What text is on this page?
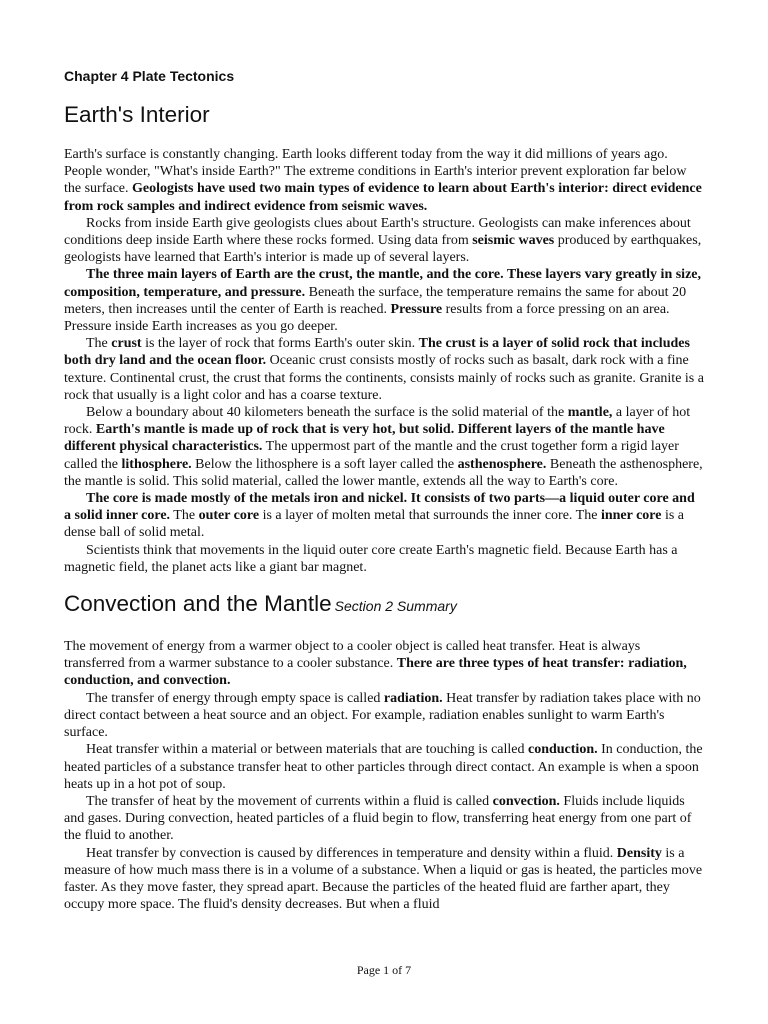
Chapter 4 Plate Tectonics
Earth's Interior

Earth's surface is constantly changing. Earth looks different today from the way it did millions of years ago. People wonder, "What's inside Earth?" The extreme conditions in Earth's interior prevent exploration far below the surface. Geologists have used two main types of evidence to learn about Earth's interior: direct evidence from rock samples and indirect evidence from seismic waves.

Rocks from inside Earth give geologists clues about Earth's structure. Geologists can make inferences about conditions deep inside Earth where these rocks formed. Using data from seismic waves produced by earthquakes, geologists have learned that Earth's interior is made up of several layers.

The three main layers of Earth are the crust, the mantle, and the core. These layers vary greatly in size, composition, temperature, and pressure. Beneath the surface, the temperature remains the same for about 20 meters, then increases until the center of Earth is reached. Pressure results from a force pressing on an area. Pressure inside Earth increases as you go deeper.

The crust is the layer of rock that forms Earth's outer skin. The crust is a layer of solid rock that includes both dry land and the ocean floor. Oceanic crust consists mostly of rocks such as basalt, dark rock with a fine texture. Continental crust, the crust that forms the continents, consists mainly of rocks such as granite. Granite is a rock that usually is a light color and has a coarse texture.

Below a boundary about 40 kilometers beneath the surface is the solid material of the mantle, a layer of hot rock. Earth's mantle is made up of rock that is very hot, but solid. Different layers of the mantle have different physical characteristics. The uppermost part of the mantle and the crust together form a rigid layer called the lithosphere. Below the lithosphere is a soft layer called the asthenosphere. Beneath the asthenosphere, the mantle is solid. This solid material, called the lower mantle, extends all the way to Earth's core.

The core is made mostly of the metals iron and nickel. It consists of two parts—a liquid outer core and a solid inner core. The outer core is a layer of molten metal that surrounds the inner core. The inner core is a dense ball of solid metal.

Scientists think that movements in the liquid outer core create Earth's magnetic field. Because Earth has a magnetic field, the planet acts like a giant bar magnet.

Convection and the Mantle Section 2 Summary

The movement of energy from a warmer object to a cooler object is called heat transfer. Heat is always transferred from a warmer substance to a cooler substance. There are three types of heat transfer: radiation, conduction, and convection.

The transfer of energy through empty space is called radiation. Heat transfer by radiation takes place with no direct contact between a heat source and an object. For example, radiation enables sunlight to warm Earth's surface.

Heat transfer within a material or between materials that are touching is called conduction. In conduction, the heated particles of a substance transfer heat to other particles through direct contact. An example is when a spoon heats up in a hot pot of soup.

The transfer of heat by the movement of currents within a fluid is called convection. Fluids include liquids and gases. During convection, heated particles of a fluid begin to flow, transferring heat energy from one part of the fluid to another.

Heat transfer by convection is caused by differences in temperature and density within a fluid. Density is a measure of how much mass there is in a volume of a substance. When a liquid or gas is heated, the particles move faster. As they move faster, they spread apart. Because the particles of the heated fluid are farther apart, they occupy more space. The fluid's density decreases. But when a fluid

Page 1 of 7
